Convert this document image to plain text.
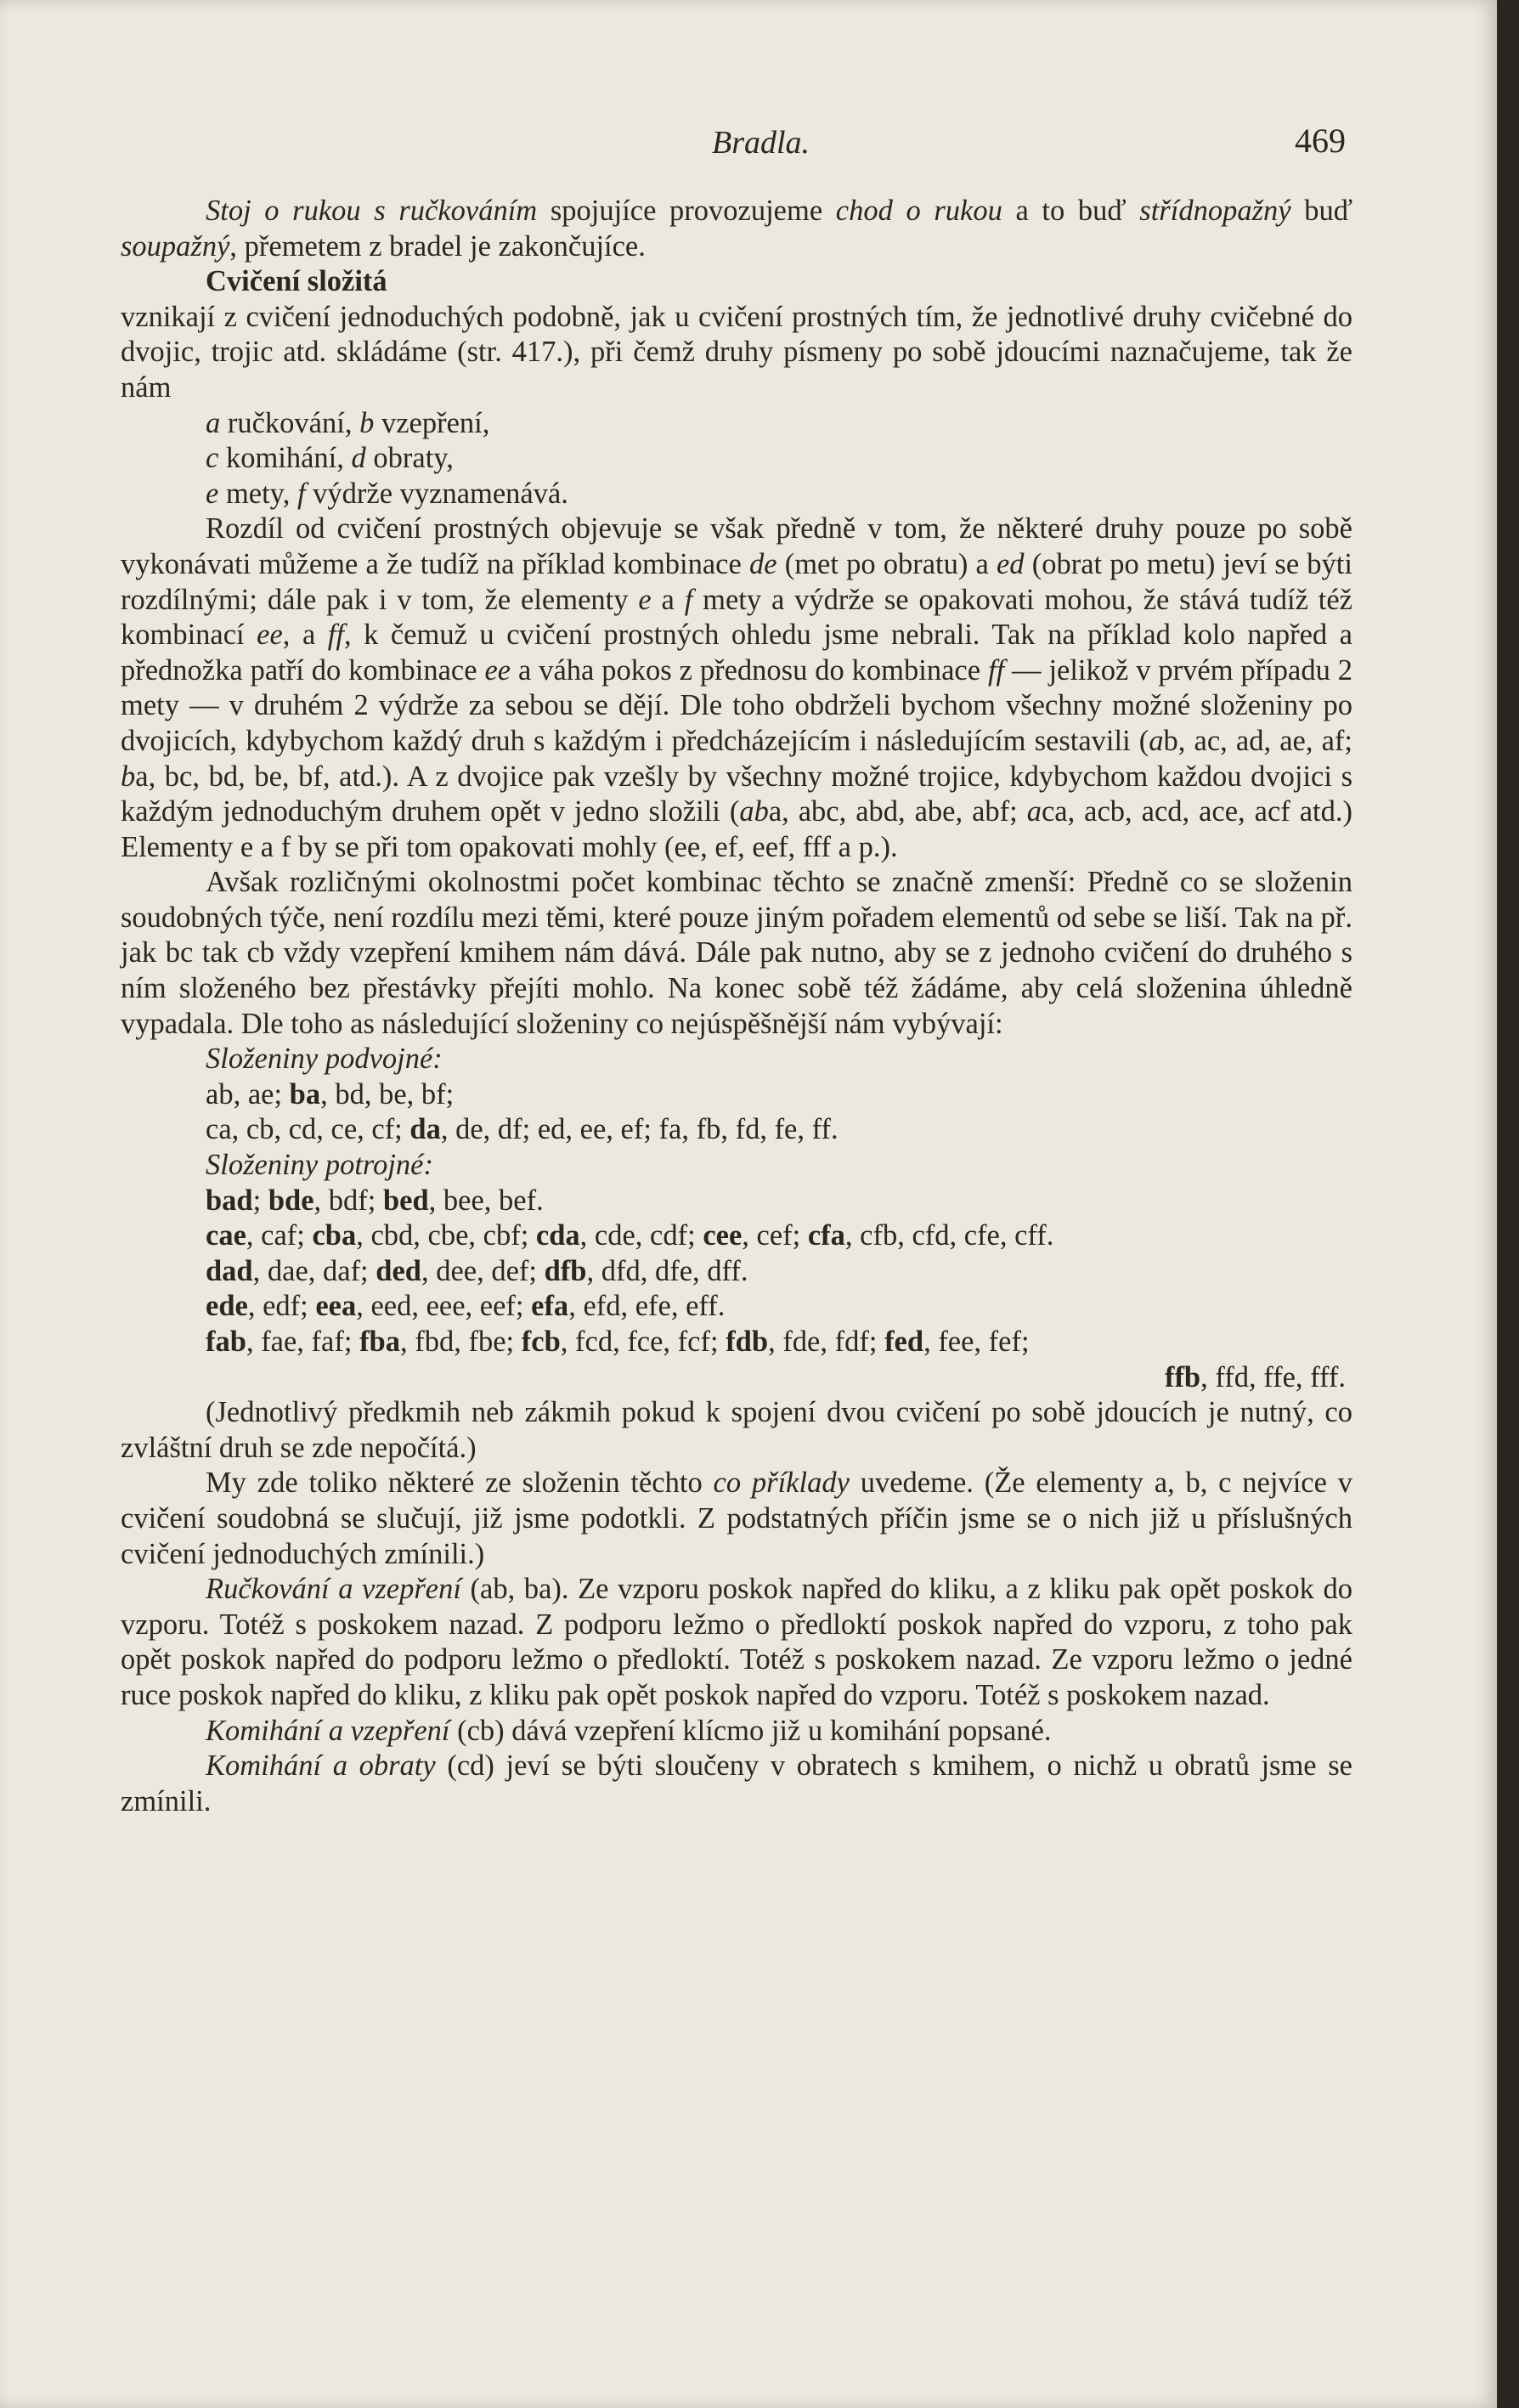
Bradla.	469

Stoj o rukou s ručkováním spojujíce provozujeme chod o rukou a to buď střídnopažný buď soupažný, přemetem z bradel je zakončujíce.

Cvičení složitá

vznikají z cvičení jednoduchých podobně, jak u cvičení prostných tím, že jednotlivé druhy cvičebné do dvojic, trojic atd. skládáme (str. 417.), při čemž druhy písmeny po sobě jdoucími naznačujeme, tak že nám

a ručkování, b vzepření,

c komihání, d obraty,

e mety, f výdrže vyznamenává.

Rozdíl od cvičení prostných objevuje se však předně v tom, že některé druhy pouze po sobě vykonávati můžeme a že tudíž na příklad kombinace de (met po obratu) a ed (obrat po metu) jeví se býti rozdílnými; dále pak i v tom, že elementy e a f mety a výdrže se opakovati mohou, že stává tudíž též kombinací ee, a ff, k čemuž u cvičení prostných ohledu jsme nebrali. Tak na příklad kolo napřed a přednožka patří do kombinace ee a váha pokos z přednosu do kombinace ff — jelikož v prvém případu 2 mety — v druhém 2 výdrže za sebou se dějí. Dle toho obdrželi bychom všechny možné složeniny po dvojicích, kdybychom každý druh s každým i předcházejícím i následujícím sestavili (ab, ac, ad, ae, af; ba, bc, bd, be, bf, atd.). A z dvojice pak vzešly by všechny možné trojice, kdybychom každou dvojici s každým jednoduchým druhem opět v jedno složili (aba, abc, abd, abe, abf; aca, acb, acd, ace, acf atd.) Elementy e a f by se při tom opakovati mohly (ee, ef, eef, fff a p.).

Avšak rozličnými okolnostmi počet kombinac těchto se značně zmenší: Předně co se složenin soudobných týče, není rozdílu mezi těmi, které pouze jiným pořadem elementů od sebe se liší. Tak na př. jak bc tak cb vždy vzepření kmihem nám dává. Dále pak nutno, aby se z jednoho cvičení do druhého s ním složeného bez přestávky přejíti mohlo. Na konec sobě též žádáme, aby celá složenina úhledně vypadala. Dle toho as následující složeniny co nejúspěšnější nám vybývají:

Složeniny podvojné:

ab, ae; ba, bd, be, bf;

ca, cb, cd, ce, cf; da, de, df; ed, ee, ef; fa, fb, fd, fe, ff.

Složeniny potrojné:

bad; bde, bdf; bed, bee, bef.

cae, caf; cba, cbd, cbe, cbf; cda, cde, cdf; cee, cef; cfa, cfb, cfd, cfe, cff.

dad, dae, daf; ded, dee, def; dfb, dfd, dfe, dff.

ede, edf; eea, eed, eee, eef; efa, efd, efe, eff.

fab, fae, faf; fba, fbd, fbe; fcb, fcd, fce, fcf; fdb, fde, fdf; fed, fee, fef;

ffb, ffd, ffe, fff.

(Jednotlivý předkmih neb zákmih pokud k spojení dvou cvičení po sobě jdoucích je nutný, co zvláštní druh se zde nepočítá.)

My zde toliko některé ze složenin těchto co příklady uvedeme. (Že elementy a, b, c nejvíce v cvičení soudobná se slučují, již jsme podotkli. Z podstatných příčin jsme se o nich již u příslušných cvičení jednoduchých zmínili.)

Ručkování a vzepření (ab, ba). Ze vzporu poskok napřed do kliku, a z kliku pak opět poskok do vzporu. Totéž s poskokem nazad. Z podporu ležmo o předloktí poskok napřed do vzporu, z toho pak opět poskok napřed do podporu ležmo o předloktí. Totéž s poskokem nazad. Ze vzporu ležmo o jedné ruce poskok napřed do kliku, z kliku pak opět poskok napřed do vzporu. Totéž s poskokem nazad.

Komihání a vzepření (cb) dává vzepření klícmo již u komihání popsané.

Komihání a obraty (cd) jeví se býti sloučeny v obratech s kmihem, o nichž u obratů jsme se zmínili.
